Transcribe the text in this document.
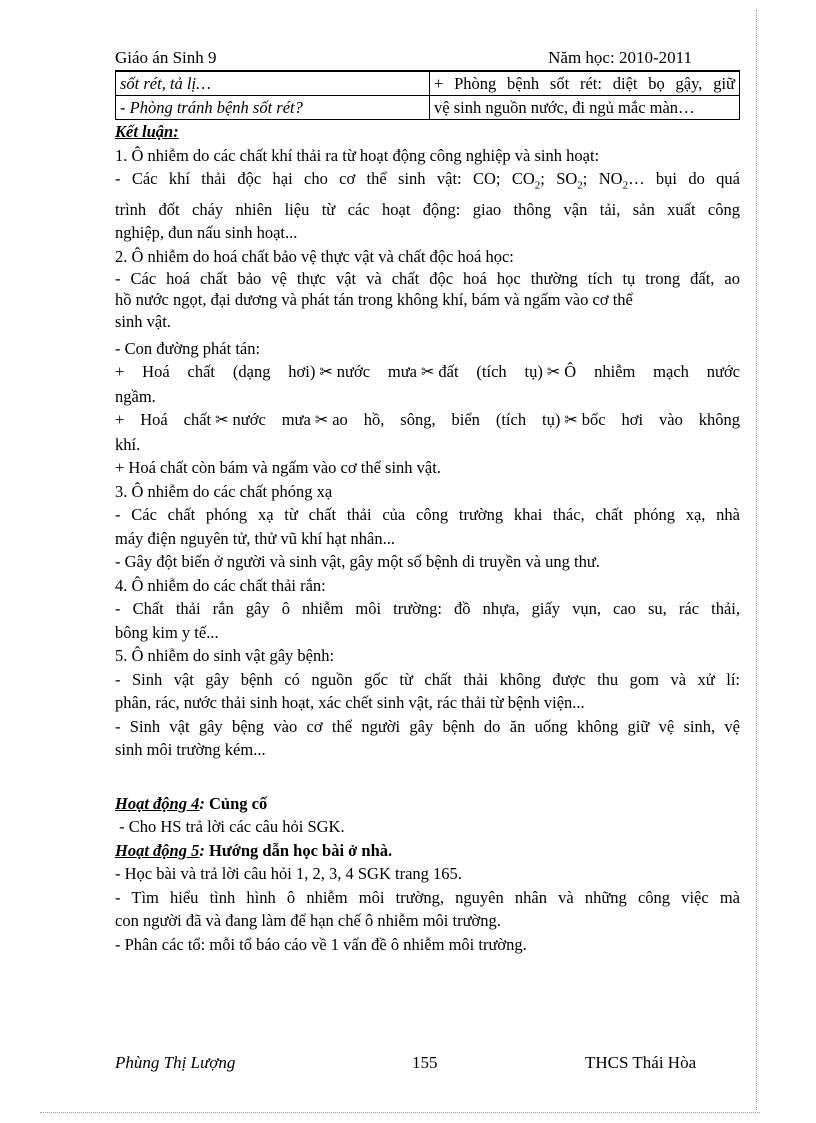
Giáo án Sinh 9	Năm học: 2010-2011
sốt rét, tả lị…	+ Phòng bệnh sốt rét: diệt bọ gậy, giữ
- Phòng tránh bệnh sốt rét?	vệ sinh nguồn nước, đi ngủ mắc màn…
Kết luận:
1. Ô nhiễm do các chất khí thải ra từ hoạt động công nghiệp và sinh hoạt:
- Các khí thải độc hại cho cơ thể sinh vật: CO; $CO_2$; $SO_2$; $NO_2\dots$ bụi do quá
trình đốt cháy nhiên liệu từ các hoạt động: giao thông vận tải, sản xuất công
nghiệp, đun nấu sinh hoạt...
2. Ô nhiễm do hoá chất bảo vệ thực vật và chất độc hoá học:
- Các hoá chất bảo vệ thực vật và chất độc hoá học thường tích tụ trong đất, ao
hồ nước ngọt, đại dương và phát tán trong không khí, bám và ngấm vào cơ thể
sinh vật.
- Con đường phát tán:
+ Hoá chất (dạng hơi) ✂ nước mưa ✂ đất (tích tụ) ✂ Ô nhiễm mạch nước
ngầm.
+ Hoá chất ✂ nước mưa ✂ ao hồ, sông, biển (tích tụ) ✂ bốc hơi vào không
khí.
+ Hoá chất còn bám và ngấm vào cơ thể sinh vật.
3. Ô nhiễm do các chất phóng xạ
- Các chất phóng xạ từ chất thải của công trường khai thác, chất phóng xạ, nhà
máy điện nguyên tử, thử vũ khí hạt nhân...
- Gây đột biến ở người và sinh vật, gây một số bệnh di truyền và ung thư.
4. Ô nhiễm do các chất thải rắn:
- Chất thải rắn gây ô nhiễm môi trường: đồ nhựa, giấy vụn, cao su, rác thải,
bông kim y tế...
5. Ô nhiễm do sinh vật gây bệnh:
- Sinh vật gây bệnh có nguồn gốc từ chất thải không được thu gom và xử lí:
phân, rác, nước thải sinh hoạt, xác chết sinh vật, rác thải từ bệnh viện...
- Sinh vật gây bệng vào cơ thể người gây bệnh do ăn uống không giữ vệ sinh, vệ
sinh môi trường kém...
Hoạt động 4: Củng cố
- Cho HS trả lời các câu hỏi SGK.
Hoạt động 5: Hướng dẫn học bài ở nhà.
- Học bài và trả lời câu hỏi 1, 2, 3, 4 SGK trang 165.
- Tìm hiểu tình hình ô nhiễm môi trường, nguyên nhân và những công việc mà
con người đã và đang làm để hạn chế ô nhiễm môi trường.
- Phân các tổ: mỗi tổ báo cáo về 1 vấn đề ô nhiễm môi trường.
Phùng Thị Lượng	155	THCS Thái Hòa
